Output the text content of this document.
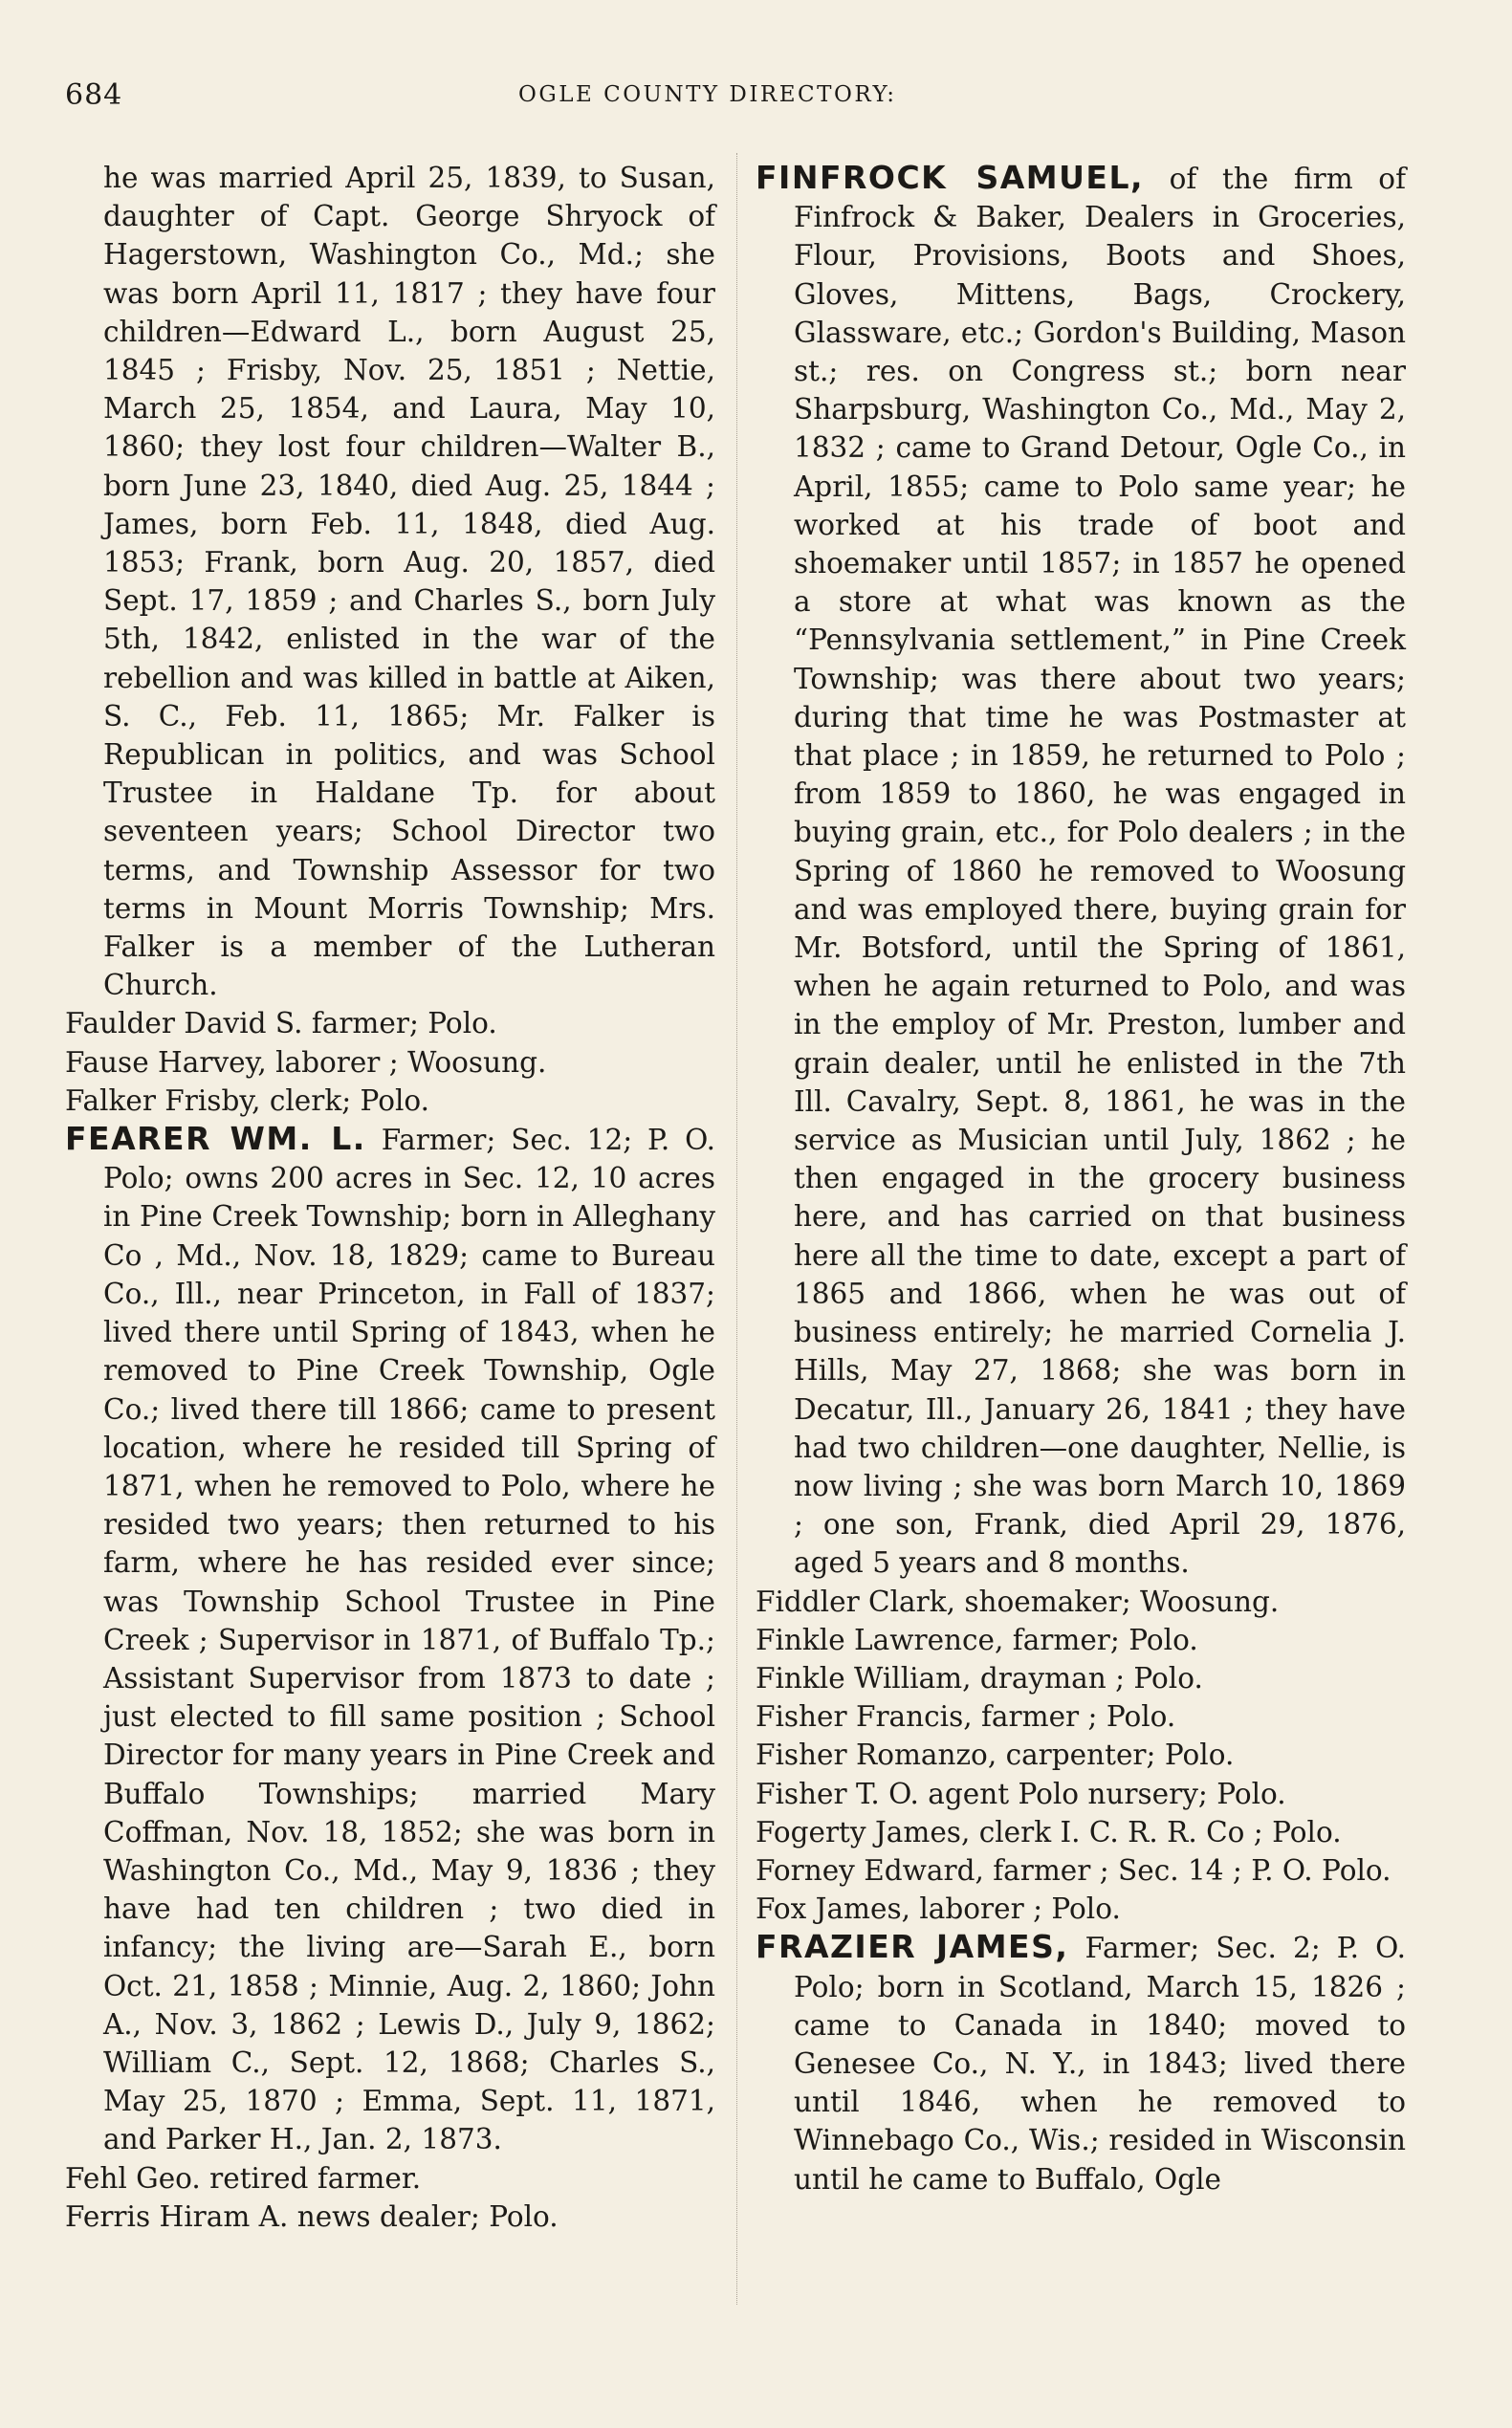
684	OGLE COUNTY DIRECTORY:

he was married April 25, 1839, to Susan, daughter of Capt. George Shryock of Hagerstown, Washington Co., Md.; she was born April 11, 1817 ; they have four children—Edward L., born August 25, 1845 ; Frisby, Nov. 25, 1851 ; Nettie, March 25, 1854, and Laura, May 10, 1860; they lost four children—Walter B., born June 23, 1840, died Aug. 25, 1844 ; James, born Feb. 11, 1848, died Aug. 1853; Frank, born Aug. 20, 1857, died Sept. 17, 1859 ; and Charles S., born July 5th, 1842, enlisted in the war of the rebellion and was killed in battle at Aiken, S. C., Feb. 11, 1865; Mr. Falker is Republican in politics, and was School Trustee in Haldane Tp. for about seventeen years; School Director two terms, and Township Assessor for two terms in Mount Morris Township; Mrs. Falker is a member of the Lutheran Church.

Faulder David S. farmer; Polo.

Fause Harvey, laborer ; Woosung.

Falker Frisby, clerk; Polo.

FEARER WM. L. Farmer; Sec. 12; P. O. Polo; owns 200 acres in Sec. 12, 10 acres in Pine Creek Township; born in Alleghany Co , Md., Nov. 18, 1829; came to Bureau Co., Ill., near Princeton, in Fall of 1837; lived there until Spring of 1843, when he removed to Pine Creek Township, Ogle Co.; lived there till 1866; came to present location, where he resided till Spring of 1871, when he removed to Polo, where he resided two years; then returned to his farm, where he has resided ever since; was Township School Trustee in Pine Creek ; Supervisor in 1871, of Buffalo Tp.; Assistant Supervisor from 1873 to date ; just elected to fill same position ; School Director for many years in Pine Creek and Buffalo Townships; married Mary Coffman, Nov. 18, 1852; she was born in Washington Co., Md., May 9, 1836 ; they have had ten children ; two died in infancy; the living are—Sarah E., born Oct. 21, 1858 ; Minnie, Aug. 2, 1860; John A., Nov. 3, 1862 ; Lewis D., July 9, 1862; William C., Sept. 12, 1868; Charles S., May 25, 1870 ; Emma, Sept. 11, 1871, and Parker H., Jan. 2, 1873.

Fehl Geo. retired farmer.

Ferris Hiram A. news dealer; Polo.

FINFROCK SAMUEL, of the firm of Finfrock & Baker, Dealers in Groceries, Flour, Provisions, Boots and Shoes, Gloves, Mittens, Bags, Crockery, Glassware, etc.; Gordon's Building, Mason st.; res. on Congress st.; born near Sharpsburg, Washington Co., Md., May 2, 1832 ; came to Grand Detour, Ogle Co., in April, 1855; came to Polo same year; he worked at his trade of boot and shoemaker until 1857; in 1857 he opened a store at what was known as the “Pennsylvania settlement,” in Pine Creek Township; was there about two years; during that time he was Postmaster at that place ; in 1859, he returned to Polo ; from 1859 to 1860, he was engaged in buying grain, etc., for Polo dealers ; in the Spring of 1860 he removed to Woosung and was employed there, buying grain for Mr. Botsford, until the Spring of 1861, when he again returned to Polo, and was in the employ of Mr. Preston, lumber and grain dealer, until he enlisted in the 7th Ill. Cavalry, Sept. 8, 1861, he was in the service as Musician until July, 1862 ; he then engaged in the grocery business here, and has carried on that business here all the time to date, except a part of 1865 and 1866, when he was out of business entirely; he married Cornelia J. Hills, May 27, 1868; she was born in Decatur, Ill., January 26, 1841 ; they have had two children—one daughter, Nellie, is now living ; she was born March 10, 1869 ; one son, Frank, died April 29, 1876, aged 5 years and 8 months.

Fiddler Clark, shoemaker; Woosung.

Finkle Lawrence, farmer; Polo.

Finkle William, drayman ; Polo.

Fisher Francis, farmer ; Polo.

Fisher Romanzo, carpenter; Polo.

Fisher T. O. agent Polo nursery; Polo.

Fogerty James, clerk I. C. R. R. Co ; Polo.

Forney Edward, farmer ; Sec. 14 ; P. O. Polo.

Fox James, laborer ; Polo.

FRAZIER JAMES, Farmer; Sec. 2; P. O. Polo; born in Scotland, March 15, 1826 ; came to Canada in 1840; moved to Genesee Co., N. Y., in 1843; lived there until 1846, when he removed to Winnebago Co., Wis.; resided in Wisconsin until he came to Buffalo, Ogle
